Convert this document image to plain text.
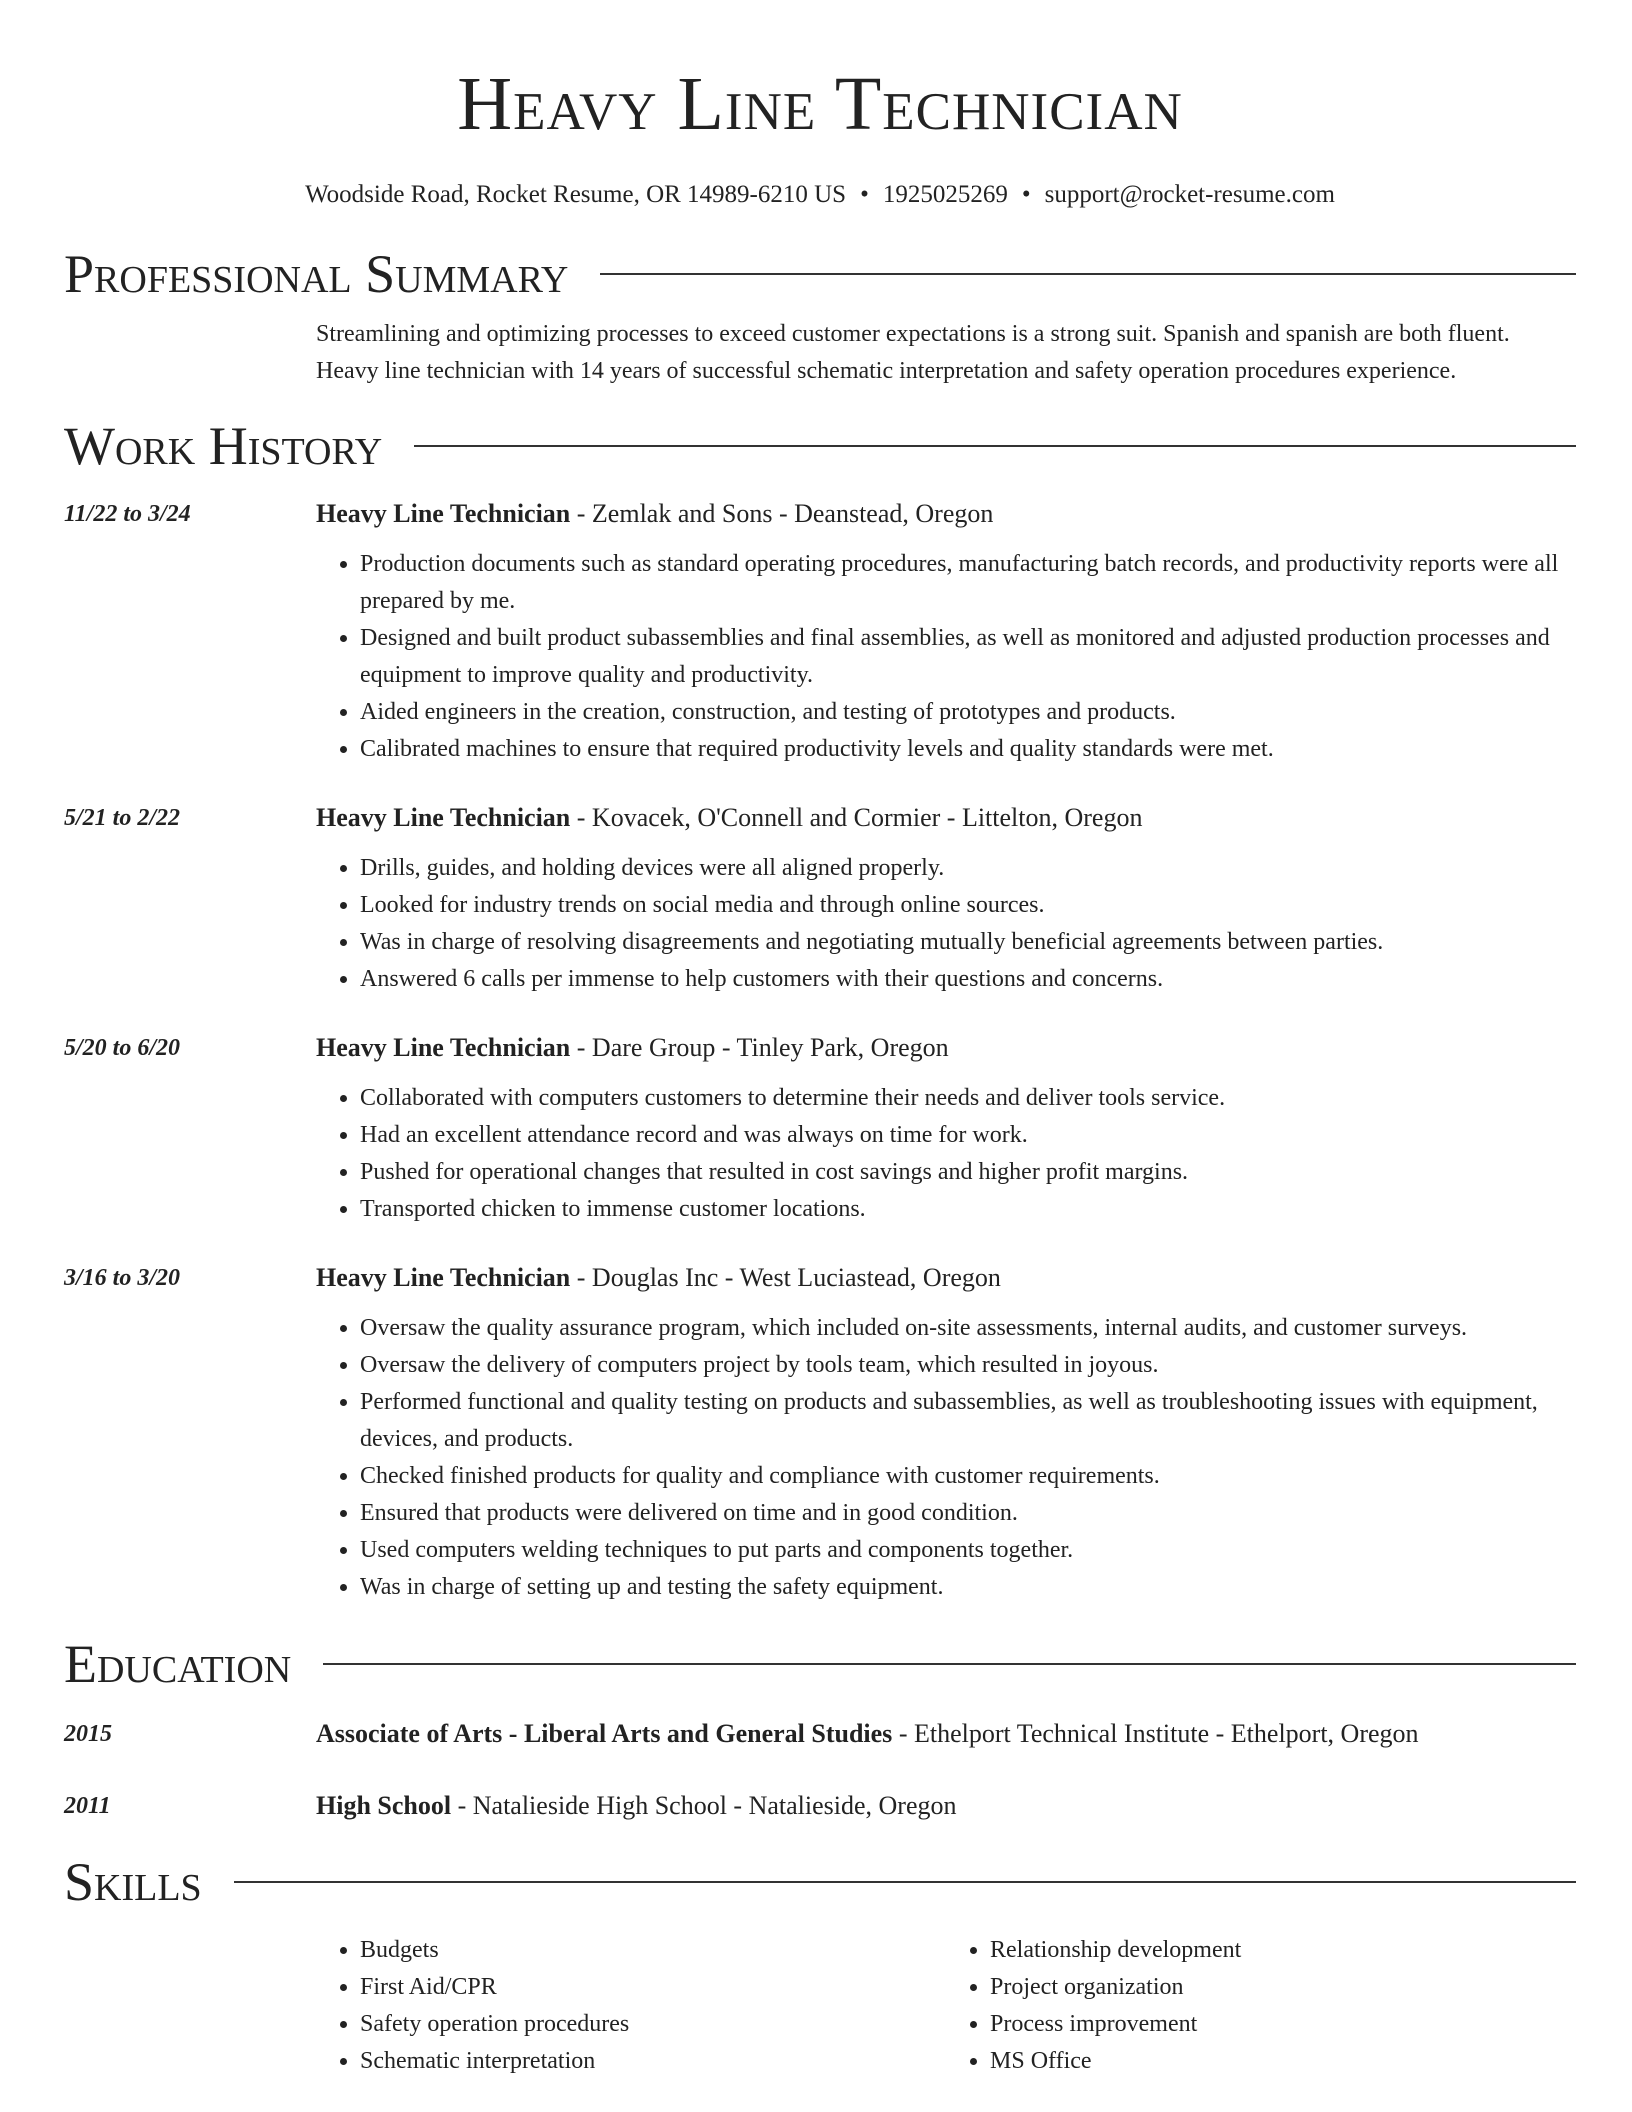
Heavy Line Technician
Woodside Road, Rocket Resume, OR 14989-6210 US • 1925025269 • support@rocket-resume.com
Professional Summary
Streamlining and optimizing processes to exceed customer expectations is a strong suit. Spanish and spanish are both fluent.
Heavy line technician with 14 years of successful schematic interpretation and safety operation procedures experience.
Work History
11/22 to 3/24	Heavy Line Technician - Zemlak and Sons - Deanstead, Oregon
• Production documents such as standard operating procedures, manufacturing batch records, and productivity reports were all prepared by me.
• Designed and built product subassemblies and final assemblies, as well as monitored and adjusted production processes and equipment to improve quality and productivity.
• Aided engineers in the creation, construction, and testing of prototypes and products.
• Calibrated machines to ensure that required productivity levels and quality standards were met.
5/21 to 2/22	Heavy Line Technician - Kovacek, O'Connell and Cormier - Littelton, Oregon
• Drills, guides, and holding devices were all aligned properly.
• Looked for industry trends on social media and through online sources.
• Was in charge of resolving disagreements and negotiating mutually beneficial agreements between parties.
• Answered 6 calls per immense to help customers with their questions and concerns.
5/20 to 6/20	Heavy Line Technician - Dare Group - Tinley Park, Oregon
• Collaborated with computers customers to determine their needs and deliver tools service.
• Had an excellent attendance record and was always on time for work.
• Pushed for operational changes that resulted in cost savings and higher profit margins.
• Transported chicken to immense customer locations.
3/16 to 3/20	Heavy Line Technician - Douglas Inc - West Luciastead, Oregon
• Oversaw the quality assurance program, which included on-site assessments, internal audits, and customer surveys.
• Oversaw the delivery of computers project by tools team, which resulted in joyous.
• Performed functional and quality testing on products and subassemblies, as well as troubleshooting issues with equipment, devices, and products.
• Checked finished products for quality and compliance with customer requirements.
• Ensured that products were delivered on time and in good condition.
• Used computers welding techniques to put parts and components together.
• Was in charge of setting up and testing the safety equipment.
Education
2015	Associate of Arts - Liberal Arts and General Studies - Ethelport Technical Institute - Ethelport, Oregon
2011	High School - Natalieside High School - Natalieside, Oregon
Skills
• Budgets
• First Aid/CPR
• Safety operation procedures
• Schematic interpretation
• Relationship development
• Project organization
• Process improvement
• MS Office
